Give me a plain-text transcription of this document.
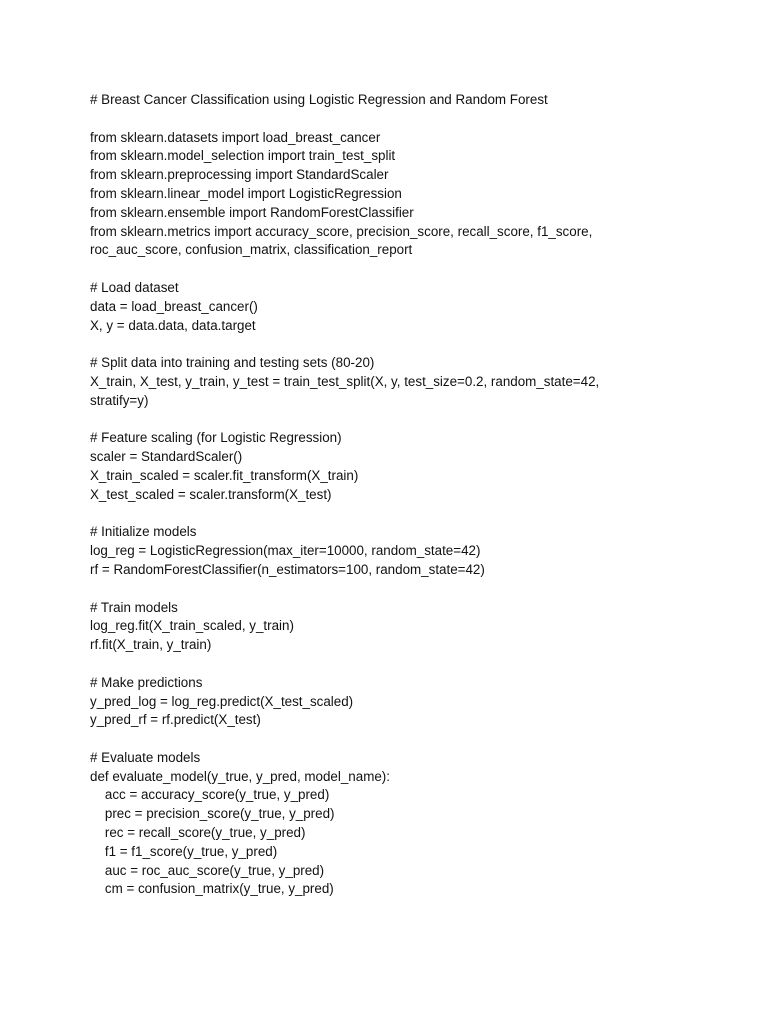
# Breast Cancer Classification using Logistic Regression and Random Forest
from sklearn.datasets import load_breast_cancer
from sklearn.model_selection import train_test_split
from sklearn.preprocessing import StandardScaler
from sklearn.linear_model import LogisticRegression
from sklearn.ensemble import RandomForestClassifier
from sklearn.metrics import accuracy_score, precision_score, recall_score, f1_score,
roc_auc_score, confusion_matrix, classification_report
# Load dataset
data = load_breast_cancer()
X, y = data.data, data.target
# Split data into training and testing sets (80-20)
X_train, X_test, y_train, y_test = train_test_split(X, y, test_size=0.2, random_state=42,
stratify=y)
# Feature scaling (for Logistic Regression)
scaler = StandardScaler()
X_train_scaled = scaler.fit_transform(X_train)
X_test_scaled = scaler.transform(X_test)
# Initialize models
log_reg = LogisticRegression(max_iter=10000, random_state=42)
rf = RandomForestClassifier(n_estimators=100, random_state=42)
# Train models
log_reg.fit(X_train_scaled, y_train)
rf.fit(X_train, y_train)
# Make predictions
y_pred_log = log_reg.predict(X_test_scaled)
y_pred_rf = rf.predict(X_test)
# Evaluate models
def evaluate_model(y_true, y_pred, model_name):
acc = accuracy_score(y_true, y_pred)
prec = precision_score(y_true, y_pred)
rec = recall_score(y_true, y_pred)
f1 = f1_score(y_true, y_pred)
auc = roc_auc_score(y_true, y_pred)
cm = confusion_matrix(y_true, y_pred)
